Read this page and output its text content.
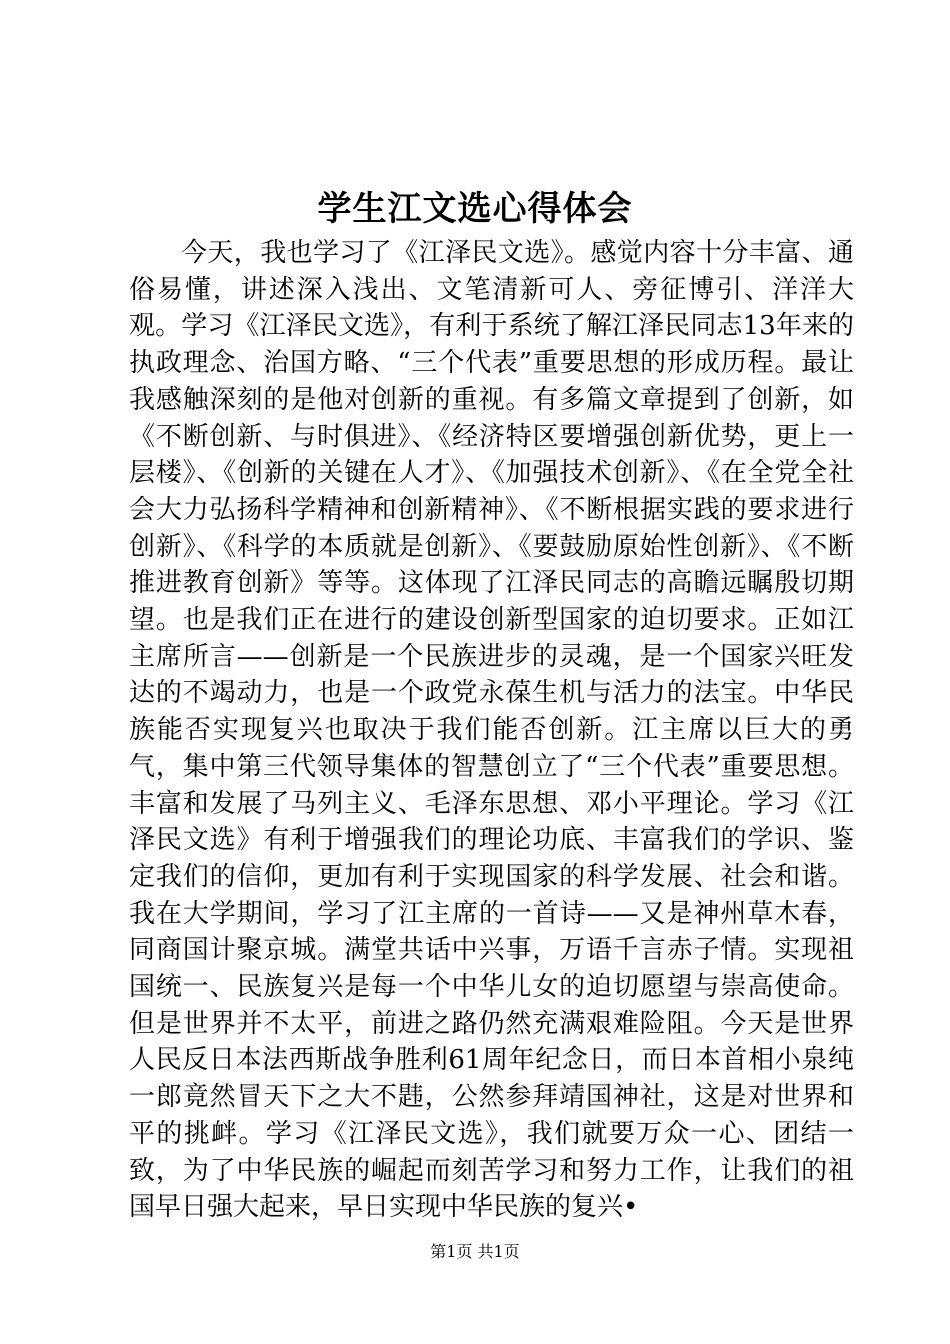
学生江文选心得体会

今天，我也学习了《江泽民文选》。感觉内容十分丰富、通俗易懂，讲述深入浅出、文笔清新可人、旁征博引、洋洋大观。学习《江泽民文选》，有利于系统了解江泽民同志13年来的执政理念、治国方略、“三个代表”重要思想的形成历程。最让我感触深刻的是他对创新的重视。有多篇文章提到了创新，如《不断创新、与时俱进》、《经济特区要增强创新优势，更上一层楼》、《创新的关键在人才》、《加强技术创新》、《在全党全社会大力弘扬科学精神和创新精神》、《不断根据实践的要求进行创新》、《科学的本质就是创新》、《要鼓励原始性创新》、《不断推进教育创新》等等。这体现了江泽民同志的高瞻远瞩殷切期望。也是我们正在进行的建设创新型国家的迫切要求。正如江主席所言——创新是一个民族进步的灵魂，是一个国家兴旺发达的不竭动力，也是一个政党永葆生机与活力的法宝。中华民族能否实现复兴也取决于我们能否创新。江主席以巨大的勇气，集中第三代领导集体的智慧创立了“三个代表”重要思想。丰富和发展了马列主义、毛泽东思想、邓小平理论。学习《江泽民文选》有利于增强我们的理论功底、丰富我们的学识、鉴定我们的信仰，更加有利于实现国家的科学发展、社会和谐。我在大学期间，学习了江主席的一首诗——又是神州草木春，同商国计聚京城。满堂共话中兴事，万语千言赤子情。实现祖国统一、民族复兴是每一个中华儿女的迫切愿望与崇高使命。但是世界并不太平，前进之路仍然充满艰难险阻。今天是世界人民反日本法西斯战争胜利61周年纪念日，而日本首相小泉纯一郎竟然冒天下之大不韪，公然参拜靖国神社，这是对世界和平的挑衅。学习《江泽民文选》，我们就要万众一心、团结一致，为了中华民族的崛起而刻苦学习和努力工作，让我们的祖国早日强大起来，早日实现中华民族的复兴•

第1页 共1页
